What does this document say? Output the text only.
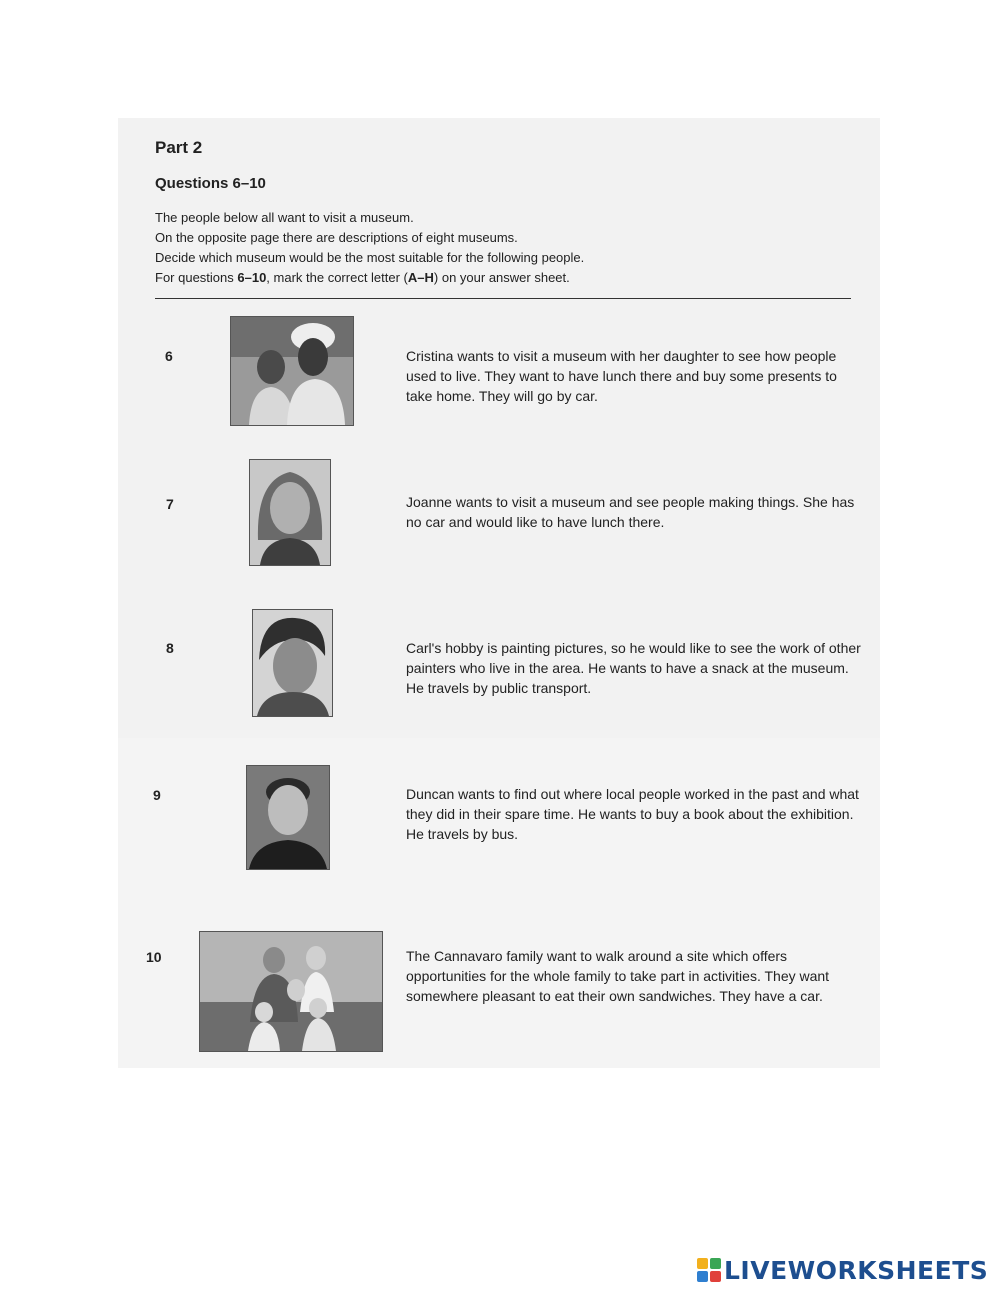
Part 2
Questions 6–10
The people below all want to visit a museum.
On the opposite page there are descriptions of eight museums.
Decide which museum would be the most suitable for the following people.
For questions 6–10, mark the correct letter (A–H) on your answer sheet.
6	Cristina wants to visit a museum with her daughter to see how people used to live. They want to have lunch there and buy some presents to take home. They will go by car.
7	Joanne wants to visit a museum and see people making things. She has no car and would like to have lunch there.
8	Carl's hobby is painting pictures, so he would like to see the work of other painters who live in the area. He wants to have a snack at the museum. He travels by public transport.
9	Duncan wants to find out where local people worked in the past and what they did in their spare time. He wants to buy a book about the exhibition. He travels by bus.
10	The Cannavaro family want to walk around a site which offers opportunities for the whole family to take part in activities. They want somewhere pleasant to eat their own sandwiches. They have a car.
LIVEWORKSHEETS
